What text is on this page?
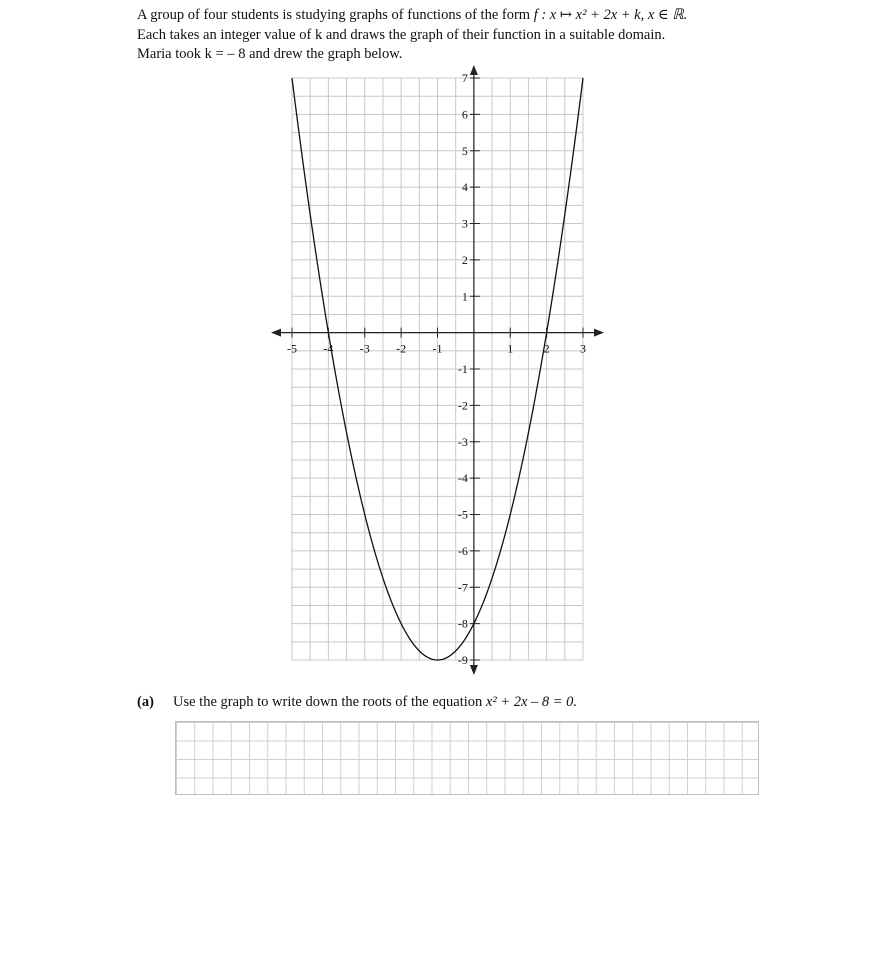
A group of four students is studying graphs of functions of the form f : x ↦ x² + 2x + k, x ∈ ℝ.

Each takes an integer value of k and draws the graph of their function in a suitable domain.

Maria took k = – 8 and drew the graph below.

-5 -4 -3 -2 -1	1	2	3
7
6
5
4
3
2
1
-1
-2
-3
-4
-5
-6
-7
-8
-9
(a) Use the graph to write down the roots of the equation x² + 2x – 8 = 0.
